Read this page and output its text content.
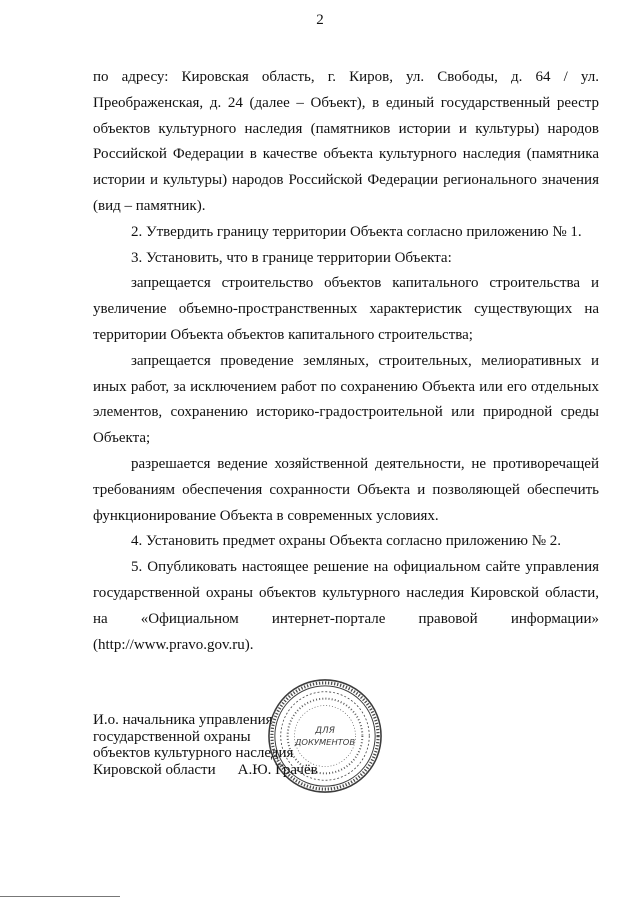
2

по адресу: Кировская область, г. Киров, ул. Свободы, д. 64 / ул. Преображенская, д. 24 (далее – Объект), в единый государственный реестр объектов культурного наследия (памятников истории и культуры) народов Российской Федерации в качестве объекта культурного наследия (памятника истории и культуры) народов Российской Федерации регионального значения (вид – памятник).

2. Утвердить границу территории Объекта согласно приложению № 1.

3. Установить, что в границе территории Объекта:

запрещается строительство объектов капитального строительства и увеличение объемно-пространственных характеристик существующих на территории Объекта объектов капитального строительства;

запрещается проведение земляных, строительных, мелиоративных и иных работ, за исключением работ по сохранению Объекта или его отдельных элементов, сохранению историко-градостроительной или природной среды Объекта;

разрешается ведение хозяйственной деятельности, не противоречащей требованиям обеспечения сохранности Объекта и позволяющей обеспечить функционирование Объекта в современных условиях.

4. Установить предмет охраны Объекта согласно приложению № 2.

5. Опубликовать настоящее решение на официальном сайте управления государственной охраны объектов культурного наследия Кировской области, на «Официальном интернет-портале правовой информации» (http://www.pravo.gov.ru).

И.о. начальника управления
государственной охраны
объектов культурного наследия
Кировской области А.Ю. Грачёв
ДЛЯ
ДОКУМЕНТОВ
